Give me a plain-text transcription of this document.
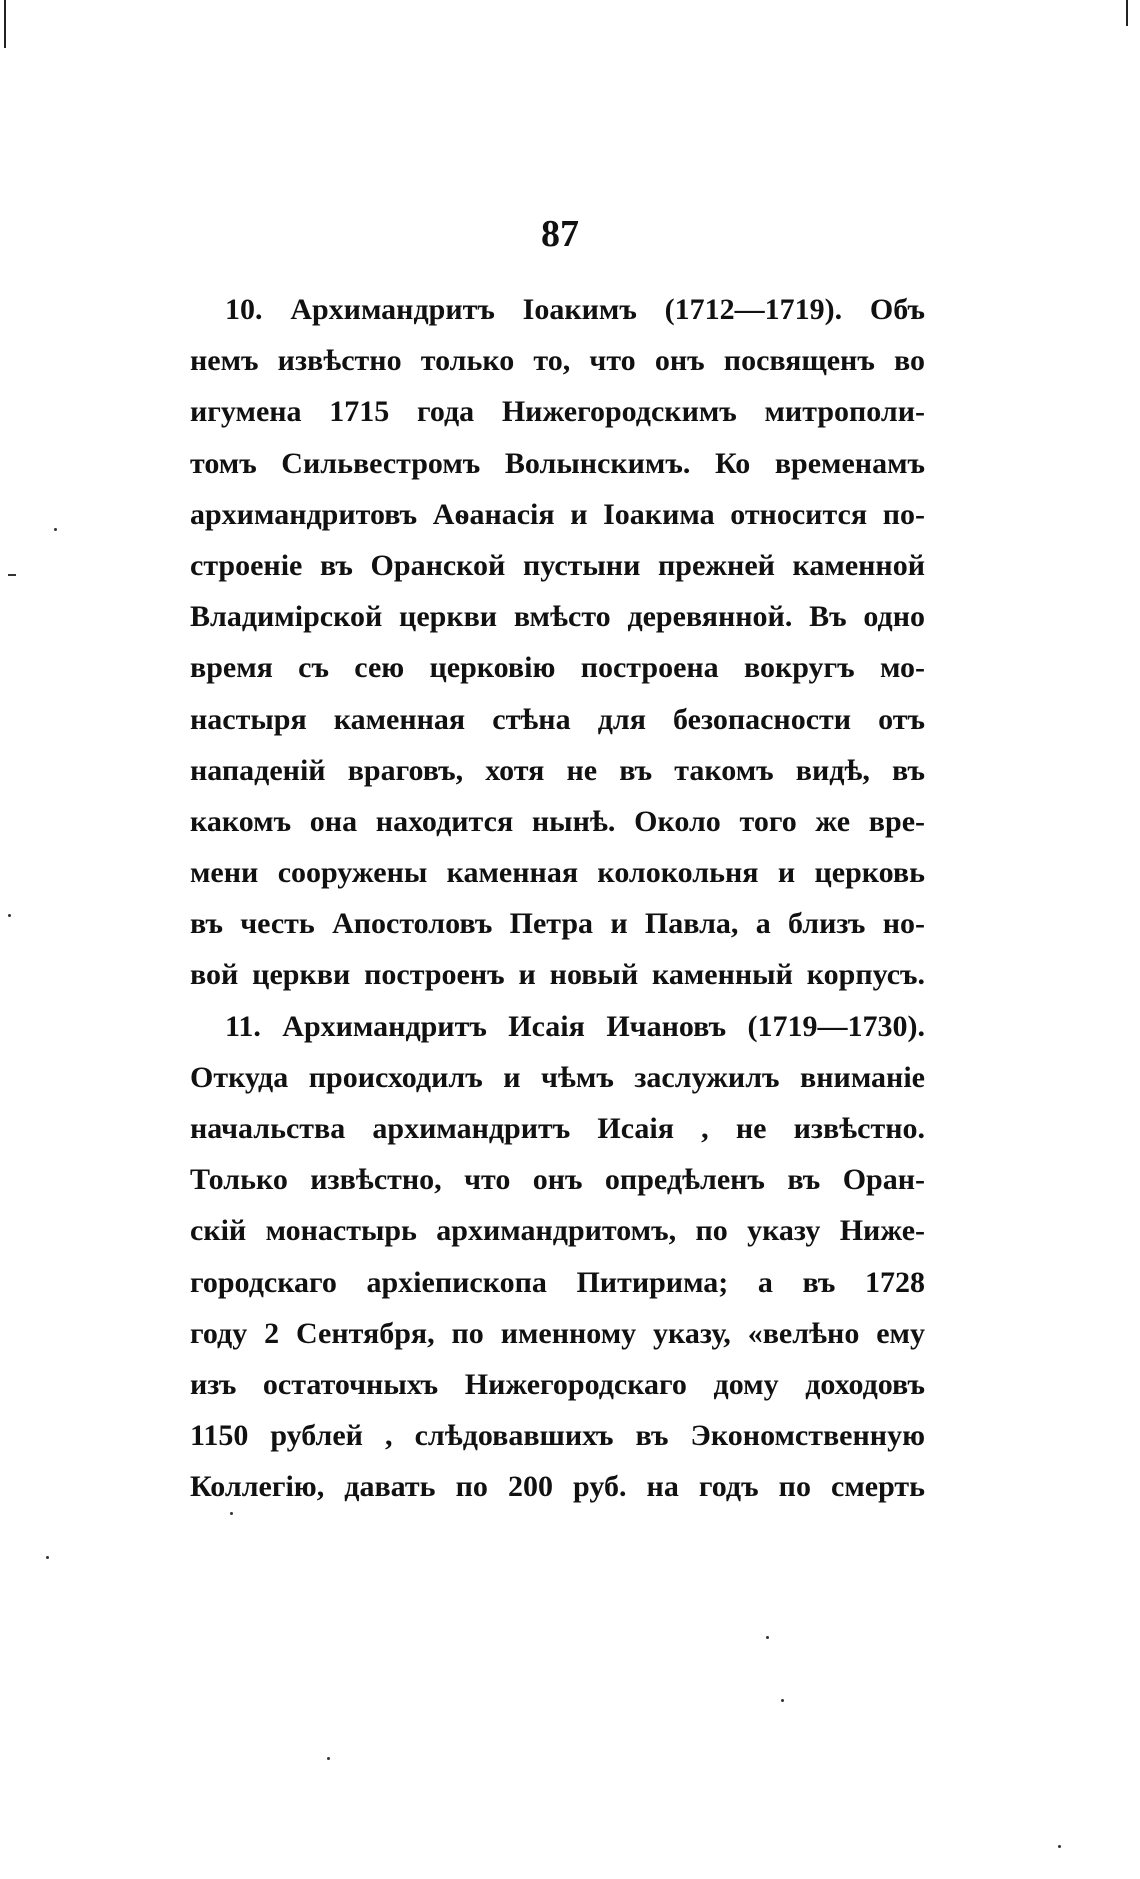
87
10. Архимандритъ Іоакимъ (1712—1719). Объ
немъ извѣстно только то, что онъ посвященъ во
игумена 1715 года Нижегородскимъ митрополи-
томъ Сильвестромъ Волынскимъ. Ко временамъ
архимандритовъ Аѳанасія и Іоакима относится по-
строеніе въ Оранской пустыни прежней каменной
Владимірской церкви вмѣсто деревянной. Въ одно
время съ сею церковію построена вокругъ мо-
настыря каменная стѣна для безопасности отъ
нападеній враговъ, хотя не въ такомъ видѣ, въ
какомъ она находится нынѣ. Около того же вре-
мени сооружены каменная колокольня и церковь
въ честь Апостоловъ Петра и Павла, а близъ но-
вой церкви построенъ и новый каменный корпусъ.
11. Архимандритъ Исаія Ичановъ (1719—1730).
Откуда происходилъ и чѣмъ заслужилъ вниманіе
начальства архимандритъ Исаія , не извѣстно.
Только извѣстно, что онъ опредѣленъ въ Оран-
скій монастырь архимандритомъ, по указу Ниже-
городскаго архіепископа Питирима; а въ 1728
году 2 Сентября, по именному указу, «велѣно ему
изъ остаточныхъ Нижегородскаго дому доходовъ
1150 рублей , слѣдовавшихъ въ Экономственную
Коллегію, давать по 200 руб. на годъ по смерть
